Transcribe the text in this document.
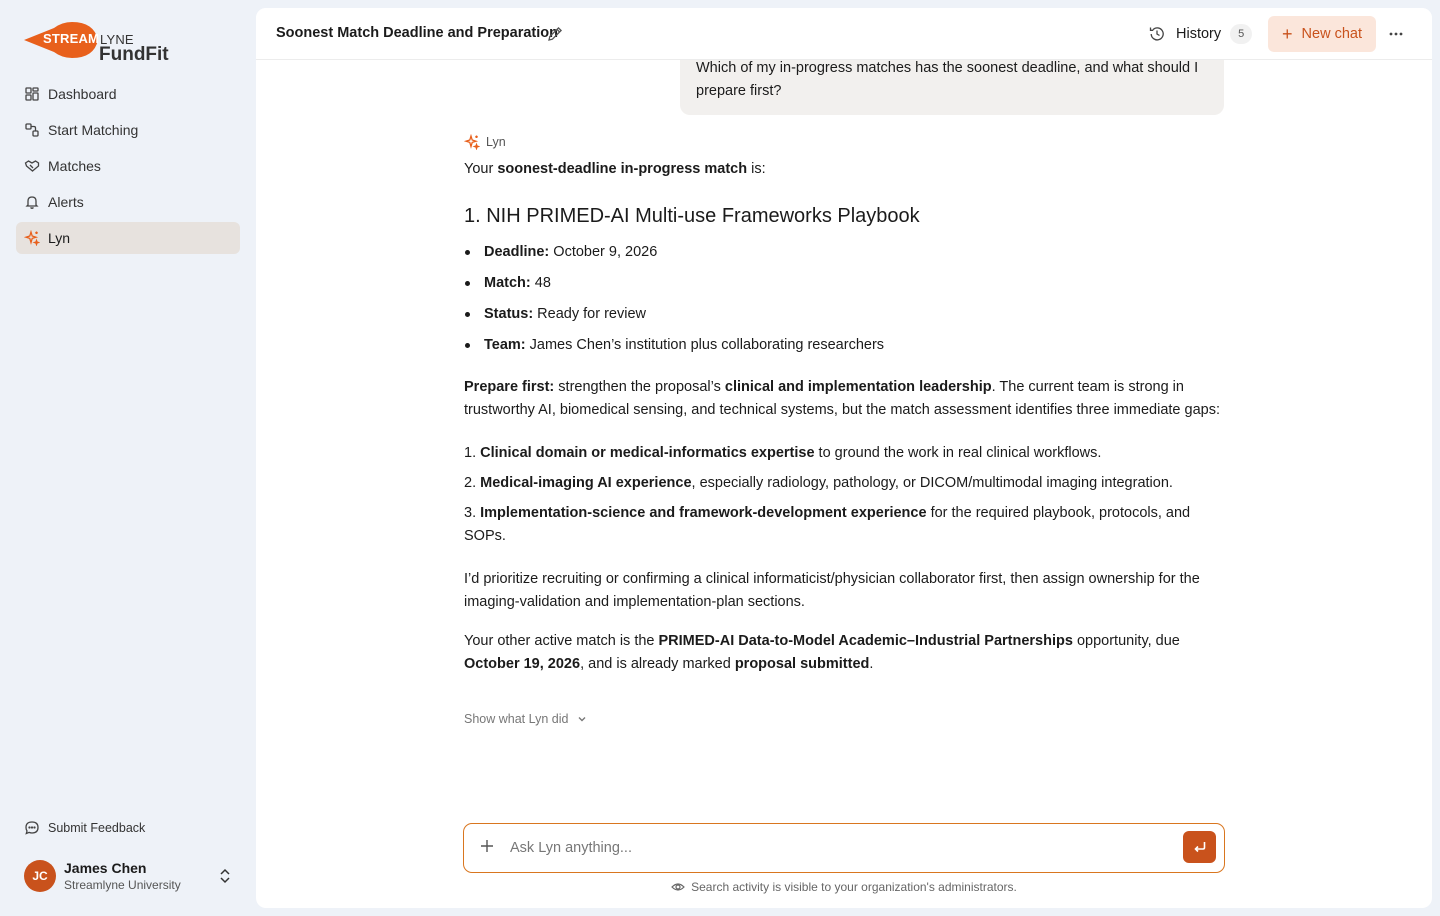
STREAM LYNE
FundFit
Dashboard
Start Matching
Matches
Alerts
Lyn
Submit Feedback
JC	James Chen
Streamlyne University
Soonest Match Deadline and Preparation	History	5	+ New chat
Which of my in-progress matches has the soonest deadline, and what should I prepare first?
Lyn
Your soonest-deadline in-progress match is:
1. NIH PRIMED-AI Multi-use Frameworks Playbook
Deadline: October 9, 2026
Match: 48
Status: Ready for review
Team: James Chen’s institution plus collaborating researchers
Prepare first: strengthen the proposal’s clinical and implementation leadership. The current team is strong in trustworthy AI, biomedical sensing, and technical systems, but the match assessment identifies three immediate gaps:
1. Clinical domain or medical-informatics expertise to ground the work in real clinical workflows.
2. Medical-imaging AI experience, especially radiology, pathology, or DICOM/multimodal imaging integration.
3. Implementation-science and framework-development experience for the required playbook, protocols, and SOPs.
I’d prioritize recruiting or confirming a clinical informaticist/physician collaborator first, then assign ownership for the imaging-validation and implementation-plan sections.
Your other active match is the PRIMED-AI Data-to-Model Academic–Industrial Partnerships opportunity, due October 19, 2026, and is already marked proposal submitted.
Show what Lyn did
Ask Lyn anything...
Search activity is visible to your organization's administrators.
